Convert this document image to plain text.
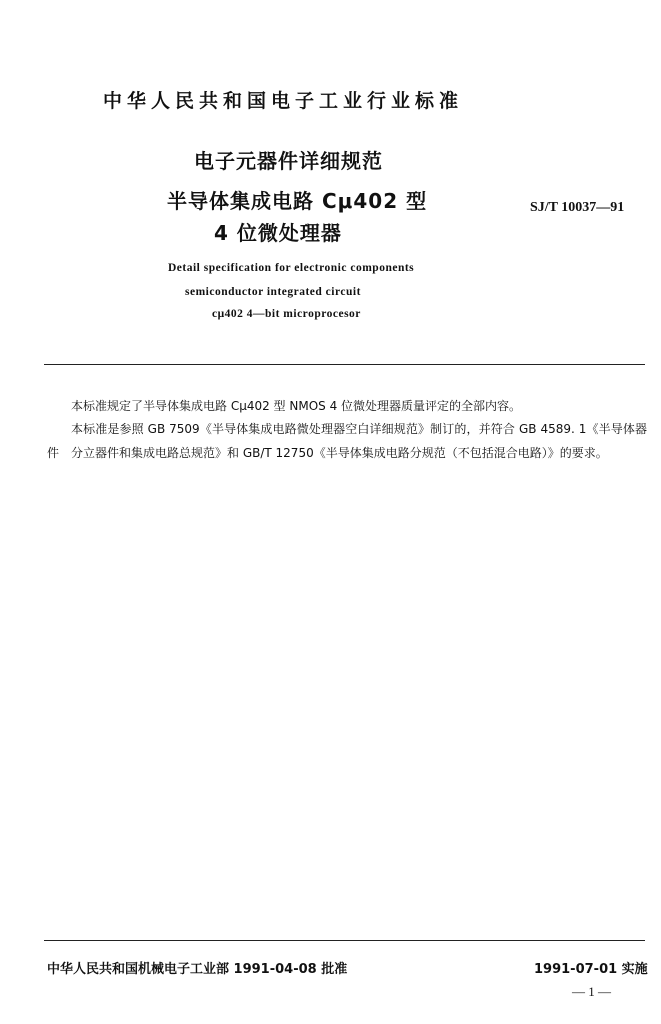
中华人民共和国电子工业行业标准
电子元器件详细规范
半导体集成电路 Cμ402 型
4 位微处理器
SJ/T 10037—91
Detail specification for electronic components
semiconductor integrated circuit
cμ402 4—bit microprocesor
本标准规定了半导体集成电路 Cμ402 型 NMOS 4 位微处理器质量评定的全部内容。
本标准是参照 GB 7509《半导体集成电路微处理器空白详细规范》制订的，并符合 GB 4589. 1《半导体器件　分立器件和集成电路总规范》和 GB/T 12750《半导体集成电路分规范（不包括混合电路）》的要求。
中华人民共和国机械电子工业部 1991-04-08 批准	1991-07-01 实施
— 1 —
